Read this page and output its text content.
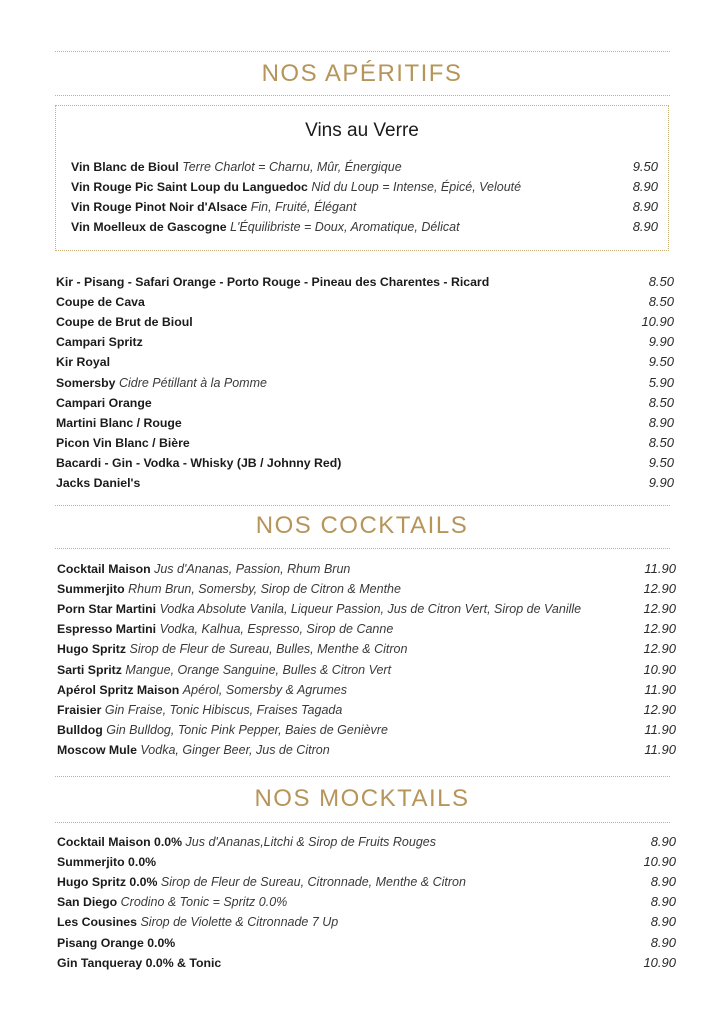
NOS APÉRITIFS
Vins au Verre
Vin Blanc de Bioul Terre Charlot = Charnu, Mûr, Énergique	9.50
Vin Rouge Pic Saint Loup du Languedoc Nid du Loup = Intense, Épicé, Velouté	8.90
Vin Rouge Pinot Noir d'Alsace Fin, Fruité, Élégant	8.90
Vin Moelleux de Gascogne L'Équilibriste = Doux, Aromatique, Délicat	8.90
Kir - Pisang - Safari Orange - Porto Rouge - Pineau des Charentes - Ricard	8.50
Coupe de Cava	8.50
Coupe de Brut de Bioul	10.90
Campari Spritz	9.90
Kir Royal	9.50
Somersby Cidre Pétillant à la Pomme	5.90
Campari Orange	8.50
Martini Blanc / Rouge	8.90
Picon Vin Blanc / Bière	8.50
Bacardi - Gin - Vodka - Whisky (JB / Johnny Red)	9.50
Jacks Daniel's	9.90
NOS COCKTAILS
Cocktail Maison Jus d'Ananas, Passion, Rhum Brun	11.90
Summerjito Rhum Brun, Somersby, Sirop de Citron & Menthe	12.90
Porn Star Martini Vodka Absolute Vanila, Liqueur Passion, Jus de Citron Vert, Sirop de Vanille	12.90
Espresso Martini Vodka, Kalhua, Espresso, Sirop de Canne	12.90
Hugo Spritz Sirop de Fleur de Sureau, Bulles, Menthe & Citron	12.90
Sarti Spritz Mangue, Orange Sanguine, Bulles & Citron Vert	10.90
Apérol Spritz Maison Apérol, Somersby & Agrumes	11.90
Fraisier Gin Fraise, Tonic Hibiscus, Fraises Tagada	12.90
Bulldog Gin Bulldog, Tonic Pink Pepper, Baies de Genièvre	11.90
Moscow Mule Vodka, Ginger Beer, Jus de Citron	11.90
NOS MOCKTAILS
Cocktail Maison 0.0% Jus d'Ananas,Litchi & Sirop de Fruits Rouges	8.90
Summerjito 0.0%	10.90
Hugo Spritz 0.0% Sirop de Fleur de Sureau, Citronnade, Menthe & Citron	8.90
San Diego Crodino & Tonic = Spritz 0.0%	8.90
Les Cousines Sirop de Violette & Citronnade 7 Up	8.90
Pisang Orange 0.0%	8.90
Gin Tanqueray 0.0% & Tonic	10.90
